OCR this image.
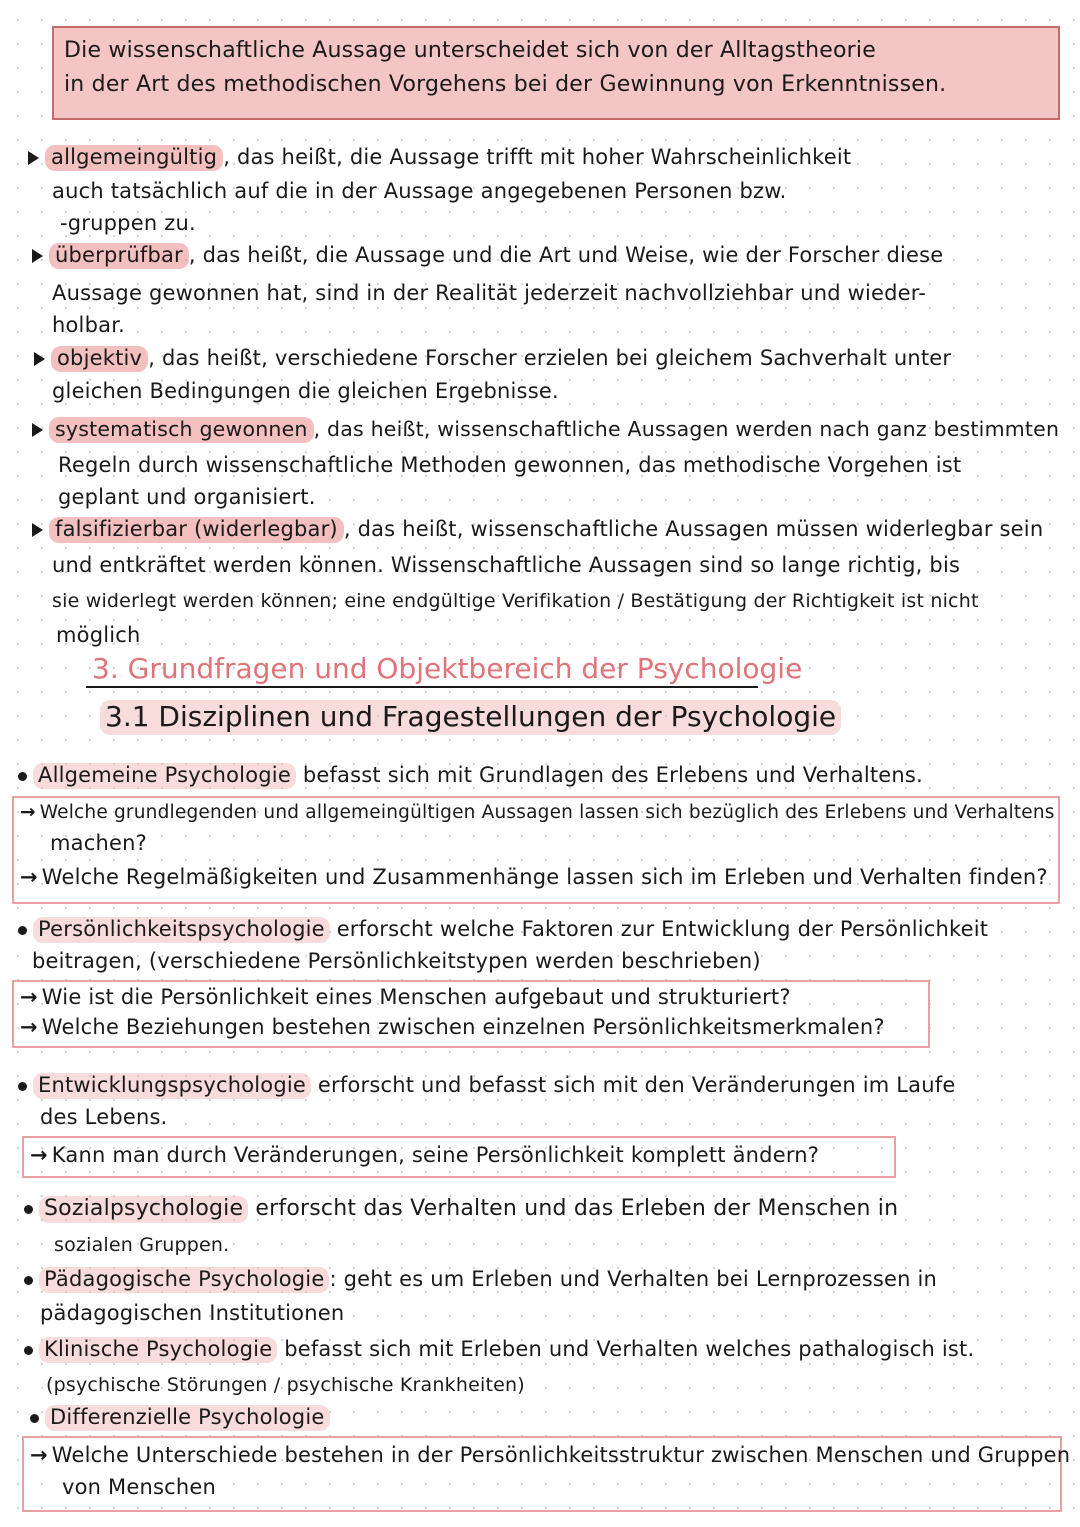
Die wissenschaftliche Aussage unterscheidet sich von der Alltagstheorie
in der Art des methodischen Vorgehens bei der Gewinnung von Erkenntnissen.
allgemeingültig , das heißt, die Aussage trifft mit hoher Wahrscheinlichkeit
auch tatsächlich auf die in der Aussage angegebenen Personen bzw.
-gruppen zu.
überprüfbar , das heißt, die Aussage und die Art und Weise, wie der Forscher diese
Aussage gewonnen hat, sind in der Realität jederzeit nachvollziehbar und wieder-
holbar.
objektiv , das heißt, verschiedene Forscher erzielen bei gleichem Sachverhalt unter
gleichen Bedingungen die gleichen Ergebnisse.
systematisch gewonnen , das heißt, wissenschaftliche Aussagen werden nach ganz bestimmten
Regeln durch wissenschaftliche Methoden gewonnen, das methodische Vorgehen ist
geplant und organisiert.
falsifizierbar (widerlegbar) , das heißt, wissenschaftliche Aussagen müssen widerlegbar sein
und entkräftet werden können. Wissenschaftliche Aussagen sind so lange richtig, bis
sie widerlegt werden können; eine endgültige Verifikation / Bestätigung der Richtigkeit ist nicht
möglich
3. Grundfragen und Objektbereich der Psychologie
3.1 Disziplinen und Fragestellungen der Psychologie
Allgemeine Psychologie befasst sich mit Grundlagen des Erlebens und Verhaltens.
→ Welche grundlegenden und allgemeingültigen Aussagen lassen sich bezüglich des Erlebens und Verhaltens
machen?
→ Welche Regelmäßigkeiten und Zusammenhänge lassen sich im Erleben und Verhalten finden?
Persönlichkeitspsychologie erforscht welche Faktoren zur Entwicklung der Persönlichkeit
beitragen, (verschiedene Persönlichkeitstypen werden beschrieben)
→ Wie ist die Persönlichkeit eines Menschen aufgebaut und strukturiert?
→ Welche Beziehungen bestehen zwischen einzelnen Persönlichkeitsmerkmalen?
Entwicklungspsychologie erforscht und befasst sich mit den Veränderungen im Laufe
des Lebens.
→ Kann man durch Veränderungen, seine Persönlichkeit komplett ändern?
Sozialpsychologie erforscht das Verhalten und das Erleben der Menschen in
sozialen Gruppen.
Pädagogische Psychologie : geht es um Erleben und Verhalten bei Lernprozessen in
pädagogischen Institutionen
Klinische Psychologie befasst sich mit Erleben und Verhalten welches pathalogisch ist.
(psychische Störungen / psychische Krankheiten)
Differenzielle Psychologie
→ Welche Unterschiede bestehen in der Persönlichkeitsstruktur zwischen Menschen und Gruppen
von Menschen
